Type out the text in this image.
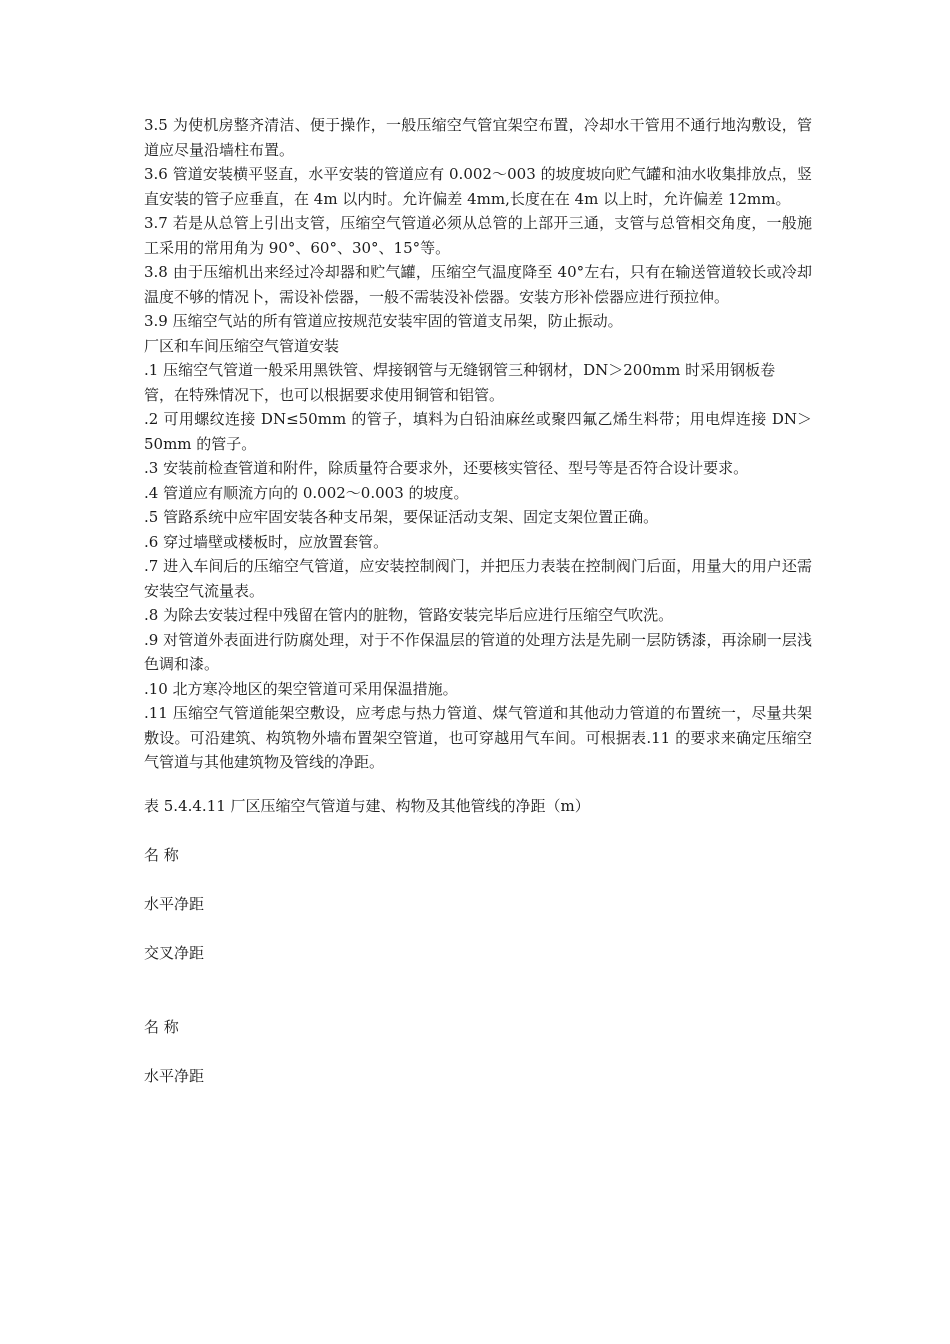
3.5 为使机房整齐清洁、便于操作，一般压缩空气管宜架空布置，冷却水干管用不通行地沟敷设，管道应尽量沿墙柱布置。

3.6 管道安装横平竖直，水平安装的管道应有 0.002～003 的坡度坡向贮气罐和油水收集排放点，竖直安装的管子应垂直，在 4m 以内时。允许偏差 4mm,长度在在 4m 以上时，允许偏差 12mm。

3.7 若是从总管上引出支管，压缩空气管道必须从总管的上部开三通，支管与总管相交角度，一般施工采用的常用角为 90°、60°、30°、15°等。

3.8 由于压缩机出来经过冷却器和贮气罐，压缩空气温度降至 40°左右，只有在输送管道较长或冷却温度不够的情况卜，需设补偿器，一般不需装没补偿器。安装方形补偿器应进行预拉伸。

3.9 压缩空气站的所有管道应按规范安装牢固的管道支吊架，防止振动。

厂区和车间压缩空气管道安装

.1 压缩空气管道一般采用黑铁管、焊接钢管与无缝钢管三种钢材，DN＞200mm 时采用钢板卷

管，在特殊情况下，也可以根据要求使用铜管和铝管。

.2 可用螺纹连接 DN≤50mm 的管子，填料为白铅油麻丝或聚四氟乙烯生料带；用电焊连接 DN＞50mm 的管子。

.3 安装前检查管道和附件，除质量符合要求外，还要核实管径、型号等是否符合设计要求。

.4 管道应有顺流方向的 0.002～0.003 的坡度。

.5 管路系统中应牢固安装各种支吊架，要保证活动支架、固定支架位置正确。

.6 穿过墙壁或楼板时，应放置套管。

.7 进入车间后的压缩空气管道，应安装控制阀门，并把压力表装在控制阀门后面，用量大的用户还需安装空气流量表。

.8 为除去安装过程中残留在管内的脏物，管路安装完毕后应进行压缩空气吹洗。

.9 对管道外表面进行防腐处理，对于不作保温层的管道的处理方法是先刷一层防锈漆，再涂刷一层浅色调和漆。

.10 北方寒冷地区的架空管道可采用保温措施。

.11 压缩空气管道能架空敷设，应考虑与热力管道、煤气管道和其他动力管道的布置统一，尽量共架敷设。可沿建筑、构筑物外墙布置架空管道，也可穿越用气车间。可根据表.11 的要求来确定压缩空气管道与其他建筑物及管线的净距。

表 5.4.4.11 厂区压缩空气管道与建、构物及其他管线的净距（m）

名 称

水平净距

交叉净距

名 称

水平净距
